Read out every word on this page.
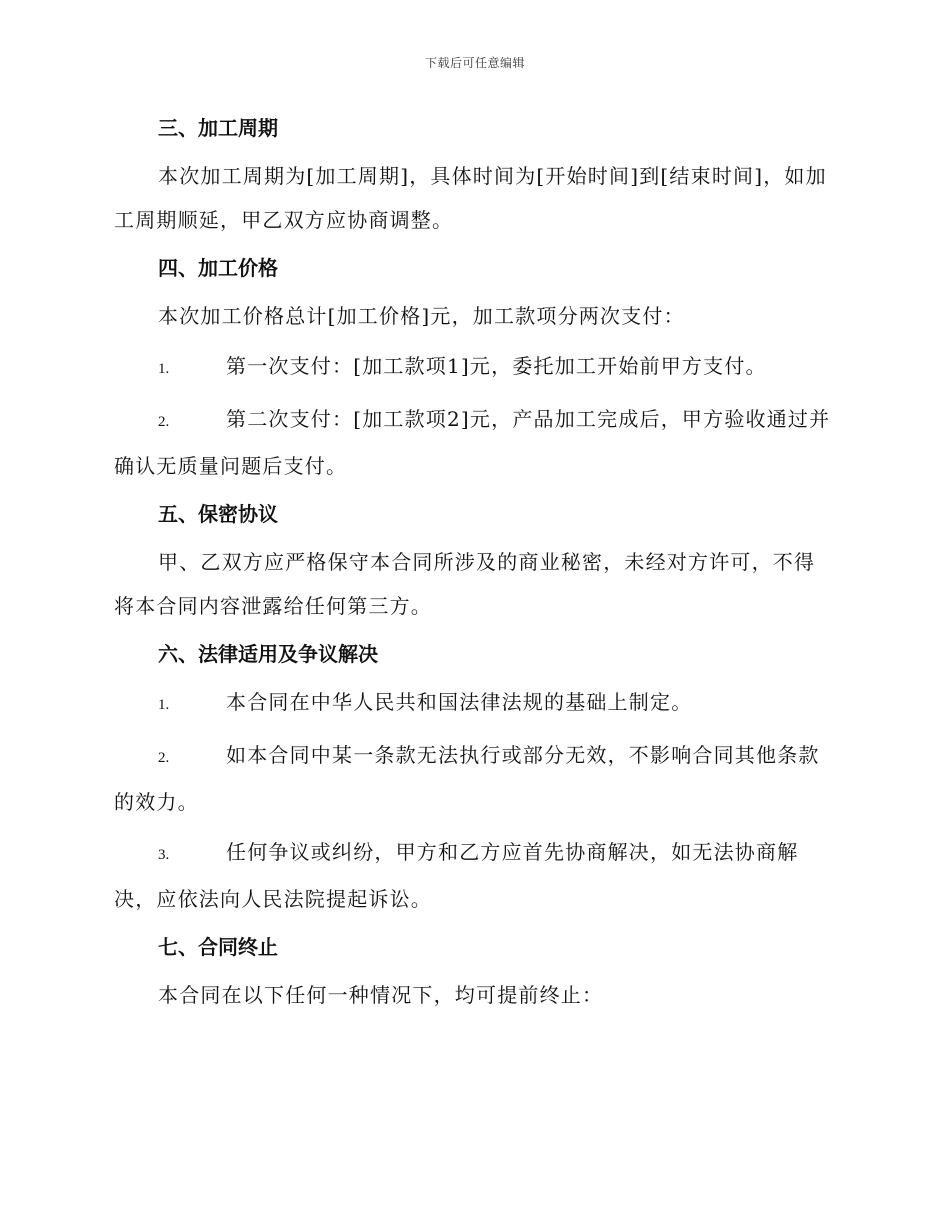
下载后可任意编辑
三、加工周期

本次加工周期为[加工周期]，具体时间为[开始时间]到[结束时间]，如加工周期顺延，甲乙双方应协商调整。

四、加工价格

本次加工价格总计[加工价格]元，加工款项分两次支付：

1.	第一次支付：[加工款项1]元，委托加工开始前甲方支付。

2.	第二次支付：[加工款项2]元，产品加工完成后，甲方验收通过并确认无质量问题后支付。

五、保密协议

甲、乙双方应严格保守本合同所涉及的商业秘密，未经对方许可，不得将本合同内容泄露给任何第三方。

六、法律适用及争议解决

1.	本合同在中华人民共和国法律法规的基础上制定。

2.	如本合同中某一条款无法执行或部分无效，不影响合同其他条款的效力。

3.	任何争议或纠纷，甲方和乙方应首先协商解决，如无法协商解决，应依法向人民法院提起诉讼。

七、合同终止

本合同在以下任何一种情况下，均可提前终止：
